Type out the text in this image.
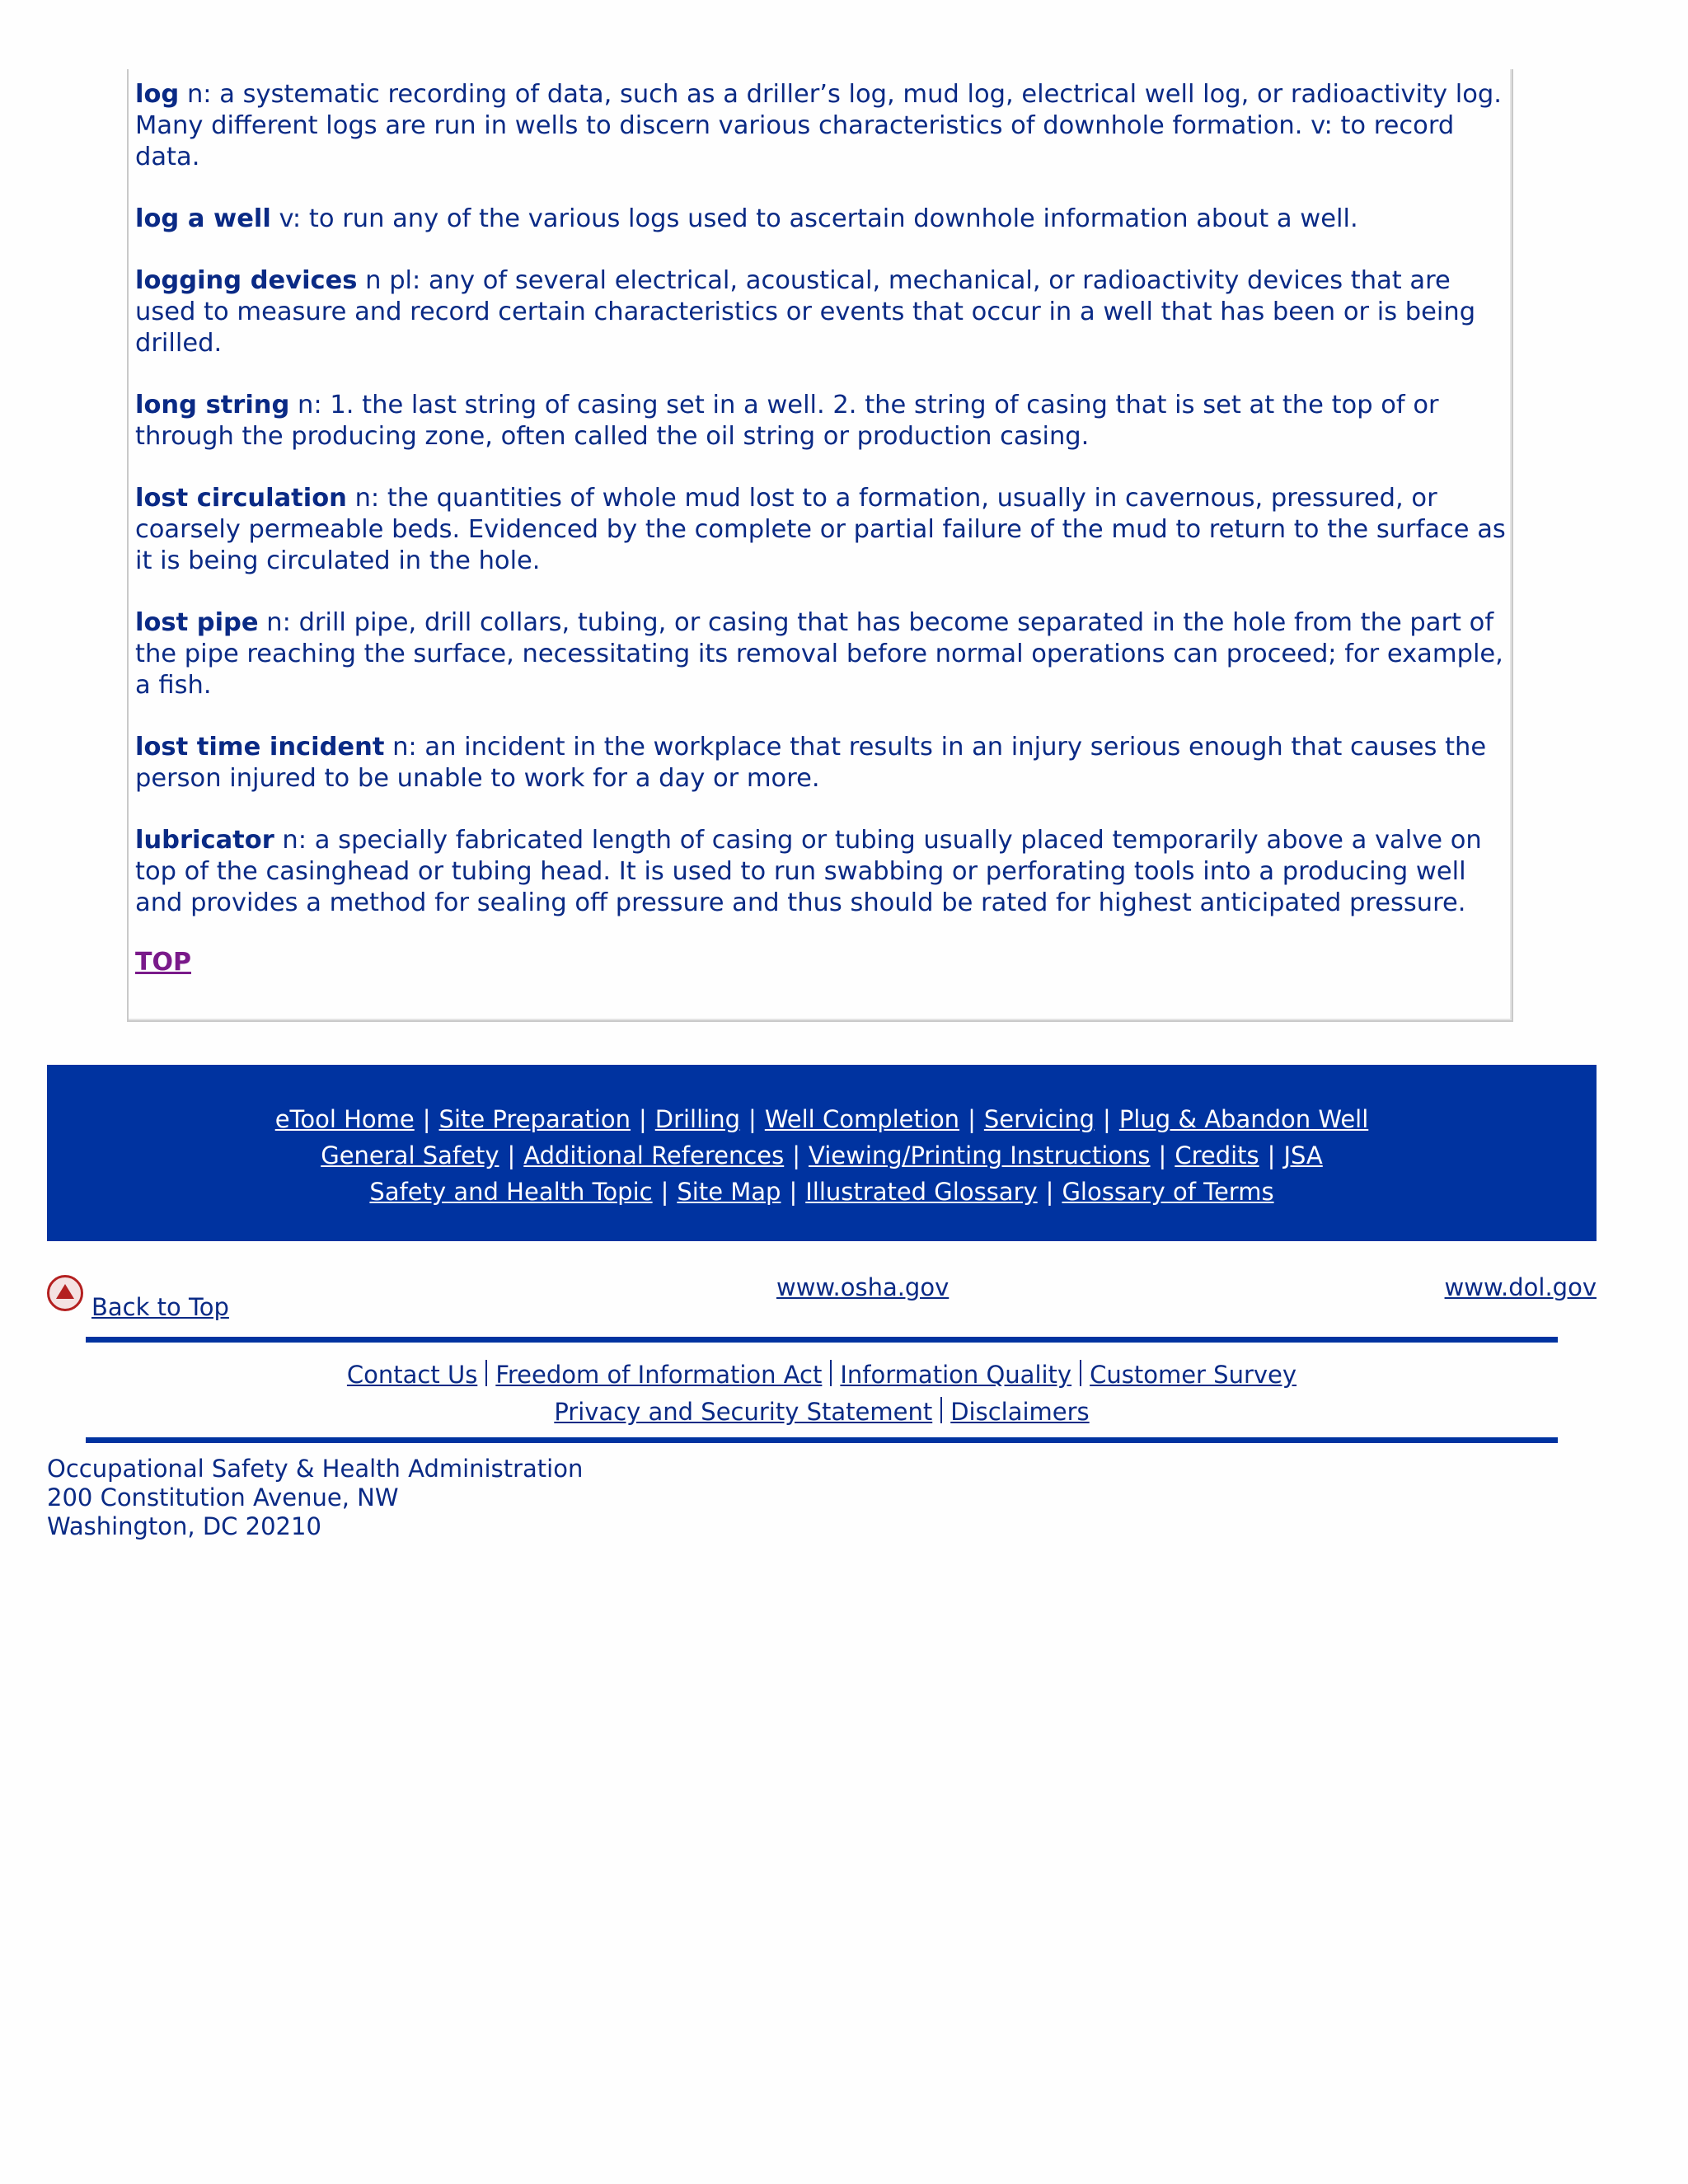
log n: a systematic recording of data, such as a driller’s log, mud log, electrical well log, or radioactivity log. Many different logs are run in wells to discern various characteristics of downhole formation. v: to record data.
log a well v: to run any of the various logs used to ascertain downhole information about a well.
logging devices n pl: any of several electrical, acoustical, mechanical, or radioactivity devices that are used to measure and record certain characteristics or events that occur in a well that has been or is being drilled.
long string n: 1. the last string of casing set in a well. 2. the string of casing that is set at the top of or through the producing zone, often called the oil string or production casing.
lost circulation n: the quantities of whole mud lost to a formation, usually in cavernous, pressured, or coarsely permeable beds. Evidenced by the complete or partial failure of the mud to return to the surface as it is being circulated in the hole.
lost pipe n: drill pipe, drill collars, tubing, or casing that has become separated in the hole from the part of the pipe reaching the surface, necessitating its removal before normal operations can proceed; for example, a fish.
lost time incident n: an incident in the workplace that results in an injury serious enough that causes the person injured to be unable to work for a day or more.
lubricator n: a specially fabricated length of casing or tubing usually placed temporarily above a valve on top of the casinghead or tubing head. It is used to run swabbing or perforating tools into a producing well and provides a method for sealing off pressure and thus should be rated for highest anticipated pressure.
TOP
eTool Home | Site Preparation | Drilling | Well Completion | Servicing | Plug & Abandon Well
General Safety | Additional References | Viewing/Printing Instructions | Credits | JSA
Safety and Health Topic | Site Map | Illustrated Glossary | Glossary of Terms
Back to Top
www.osha.gov	www.dol.gov
Contact Us Freedom of Information Act Information Quality Customer Survey
Privacy and Security Statement Disclaimers
Occupational Safety & Health Administration
200 Constitution Avenue, NW
Washington, DC 20210
